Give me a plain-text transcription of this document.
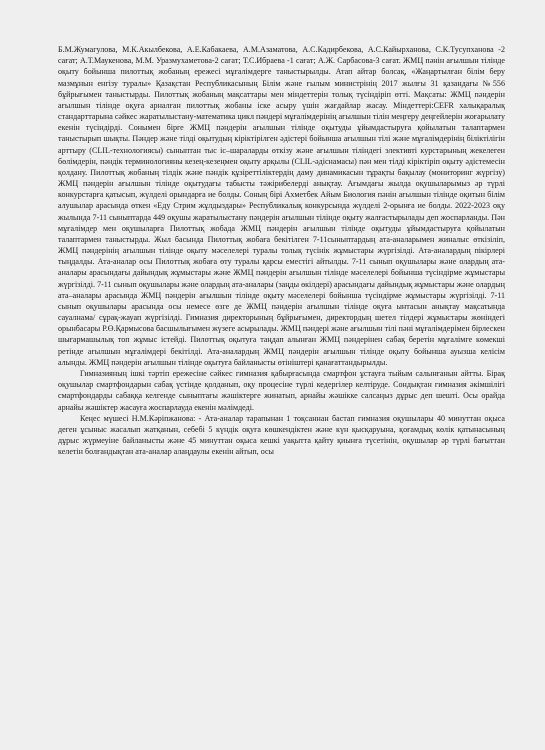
Б.М.Жумагулова, М.К.Акылбекова, А.Е.Кабакаева, А.М.Азаматова, А.С.Кадирбекова, А.С.Кайырханова, С.К.Тусупханова -2 сағат; А.Т.Маукенова, М.М. Уразмухаметова-2 сағат; Т.С.Ибраева -1 сағат; А.Ж. Сарбасова-3 сағат. ЖМЦ пәнін ағылшын тілінде оқыту бойынша пилоттық жобаның ережесі мұғалімдерге таныстырылды. Атап айтар болсақ, «Жаңартылған білім беру мазмұнын енгізу туралы» Қазақстан Республикасының Білім және ғылым министрінің 2017 жылғы 31 қазандағы №556 бұйрығымен таныстырды. Пилоттық жобаның мақсаттары мен міндеттерін толық түсіндіріп өтті. Мақсаты: ЖМЦ пәндерін ағылшын тілінде оқуға арналған пилоттық жобаны іске асыру үшін жағдайлар жасау. Міндеттері:CEFR халықаралық стандарттарына сәйкес жаратылыстану-математика цикл пәндері мұғалімдерінің ағылшын тілін меңгеру деңгейлерін жоғарылату екенін түсіндірді. Сонымен бірге ЖМЦ пәндерін ағылшын тілінде оқытуды ұйымдастыруға қойылатын талаптармен таныстырып шықты. Пәндер және тілді оқытудың кіріктірілген әдістері бойынша ағылшын тілі және мұғалімдерінің біліктілігін арттыру (CLIL-технологиясы) сыныптан тыс іс–шараларды өткізу және ағылшын тіліндегі элективті курстарының жекелеген бөлімдерін, пәндік терминологияны кезең-кезеңмен оқыту арқылы (CLIL-әдіснамасы) пән мен тілді кіріктіріп оқыту әдістемесін қолдану. Пилоттық жобаның тілдік және пәндік құзіреттіліктердің даму динамикасын тұрақты бақылау (мониторинг жүргізу) ЖМЦ пәндерін ағылшын тілінде оқытудағы табысты тәжірибелерді анықтау. Ағымдағы жылда оқушыларымыз әр түрлі конкурстарға қатысып, жүлделі орындарға ие болды. Соның бірі Ахметбек Айым Биология пәнін ағылшын тілінде оқитын білім алушылар арасында өткен «Еду Стрим жұлдыздары» Республикалық конкурсында жүлделі 2-орынға ие болды. 2022-2023 оқу жылында 7-11 сыныптарда 449 оқушы жаратылыстану пәндерін ағылшын тілінде оқыту жалғастырылады деп жоспарланды. Пән мұғалімдер мен оқушыларға Пилоттық жобада ЖМЦ пәндерін ағылшын тілінде оқытуды ұйымдастыруға қойылатын талаптармен таныстырды. Жыл басында Пилоттық жобаға бекітілген 7-11сыныптардың ата-аналарымен жиналыс өткізіліп, ЖМЦ пәндерінің ағылшын тілінде оқыту мәселелері туралы толық түсінік жұмыстары жүргізілді. Ата-аналардың пікірлері тыңдалды. Ата-аналар осы Пилоттық жобаға өту туралы қарсы еместігі айтылды. 7-11 сынып оқушылары және олардың ата-аналары арасындағы дайындық жұмыстары және ЖМЦ пәндерін ағылшын тілінде мәселелері бойынша түсіндірме жұмыстары жүргізілді. 7-11 сынып оқушылары және олардың ата-аналары (заңды өкілдері) арасындағы дайындық жұмыстары және олардың ата–аналары арасында ЖМЦ пәндерін ағылшын тілінде оқыту мәселелері бойынша түсіндірме жұмыстары жүргізілді. 7-11 сынып оқушылары арасында осы немесе өзге де ЖМЦ пәндерін ағылшын тілінде оқуға ынтасын анықтау мақсатында сауалнама/ сұрақ-жауап жүргізілді. Гимназия директорының бұйрығымен, директордың шетел тілдері жұмыстары жөніндегі орынбасары Р.Ө.Қармысова басшылығымен жүзеге асырылады. ЖМЦ пәндері және ағылшын тілі пәні мұғалімдерімен бірлескен шығармашылық топ жұмыс істейді. Пилоттық оқытуға таңдап алынған ЖМЦ пәндерінен сабақ беретін мұғалімге көмекші ретінде ағылшын мұғалімдері бекітілді. Ата-аналардың ЖМЦ пәндерін ағылшын тілінде оқыту бойынша ауызша келісім алынды. ЖМЦ пәндерін ағылшын тілінде оқытуға байланысты өтініштері қанағаттандырылды.

Гимназияның ішкі тәртіп ережесіне сәйкес гимназия қабырғасында смартфон ұстауға тыйым салынғанын айтты. Бірақ оқушылар смартфондарын сабақ үстінде қолданып, оқу процесіне түрлі кедергілер келтіруде. Сондықтан гимназия әкімшілігі смартфондарды сабаққа келгенде сыныптағы жәшіктерге жинатып, арнайы жәшікке салсаңыз дұрыс деп шешті. Осы орайда арнайы жәшіктер жасауға жоспарлауда екенін мәлімдеді.

Кеңес мүшесі Н.М.Кәріпжанова: - Ата-аналар тарапынан 1 тоқсаннан бастап гимназия оқушылары 40 минуттан оқыса деген ұсыныс жасалып жатқанын, себебі 5 күндік оқуға көшкендіктен және күн қысқаруына, қоғамдық көлік қатынасының дұрыс жүрмеуіне байланысты және 45 минуттан оқыса кешкі уақытта қайту қиынға түсетінін, оқушылар әр түрлі бағыттан келетін болғандықтан ата-аналар алаңдаулы екенін айтып, осы
